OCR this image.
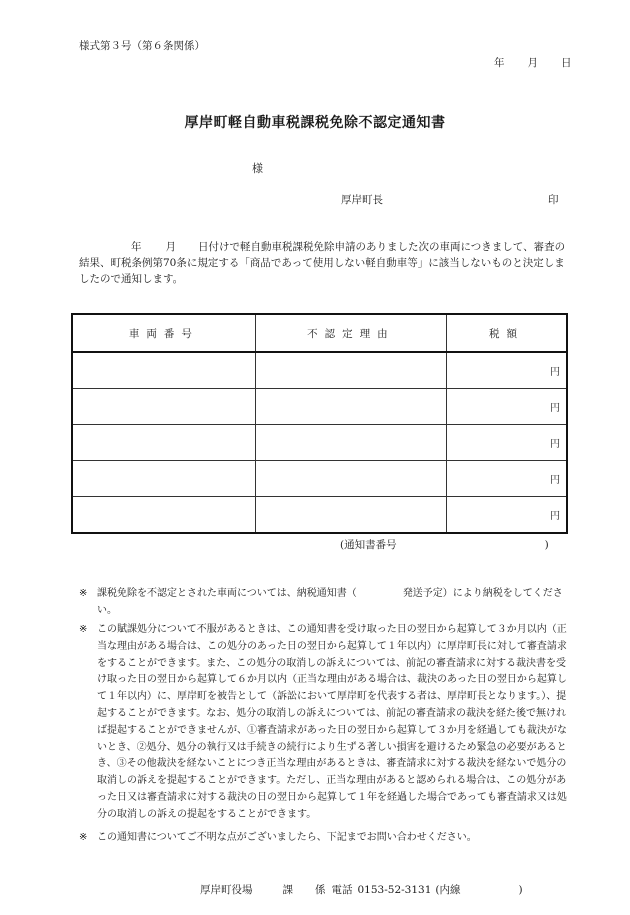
様式第３号（第６条関係）
年 月 日
厚岸町軽自動車税課税免除不認定通知書
様
厚岸町長	印
年 月 日付けで軽自動車税課税免除申請のありました次の車両につきまして、審査の結果、町税条例第70条に規定する「商品であって使用しない軽自動車等」に該当しないものと決定しましたので通知します。
車両番号	不認定理由	税額
		円
		円
		円
		円
		円
(通知書番号	)
※ 課税免除を不認定とされた車両については、納税通知書（	発送予定）により納税をしてください。
※ この賦課処分について不服があるときは、この通知書を受け取った日の翌日から起算して３か月以内（正当な理由がある場合は、この処分のあった日の翌日から起算して１年以内）に厚岸町長に対して審査請求をすることができます。また、この処分の取消しの訴えについては、前記の審査請求に対する裁決書を受け取った日の翌日から起算して６か月以内（正当な理由がある場合は、裁決のあった日の翌日から起算して１年以内）に、厚岸町を被告として（訴訟において厚岸町を代表する者は、厚岸町長となります。）、提起することができます。なお、処分の取消しの訴えについては、前記の審査請求の裁決を経た後で無ければ提起することができませんが、①審査請求があった日の翌日から起算して３か月を経過しても裁決がないとき、②処分、処分の執行又は手続きの続行により生ずる著しい損害を避けるため緊急の必要があるとき、③その他裁決を経ないことにつき正当な理由があるときは、審査請求に対する裁決を経ないで処分の取消しの訴えを提起することができます。ただし、正当な理由があると認められる場合は、この処分があった日又は審査請求に対する裁決の日の翌日から起算して１年を経過した場合であっても審査請求又は処分の取消しの訴えの提起をすることができます。
※ この通知書についてご不明な点がございましたら、下記までお問い合わせください。
厚岸町役場	課 係 電話 0153-52-3131 (内線	)
